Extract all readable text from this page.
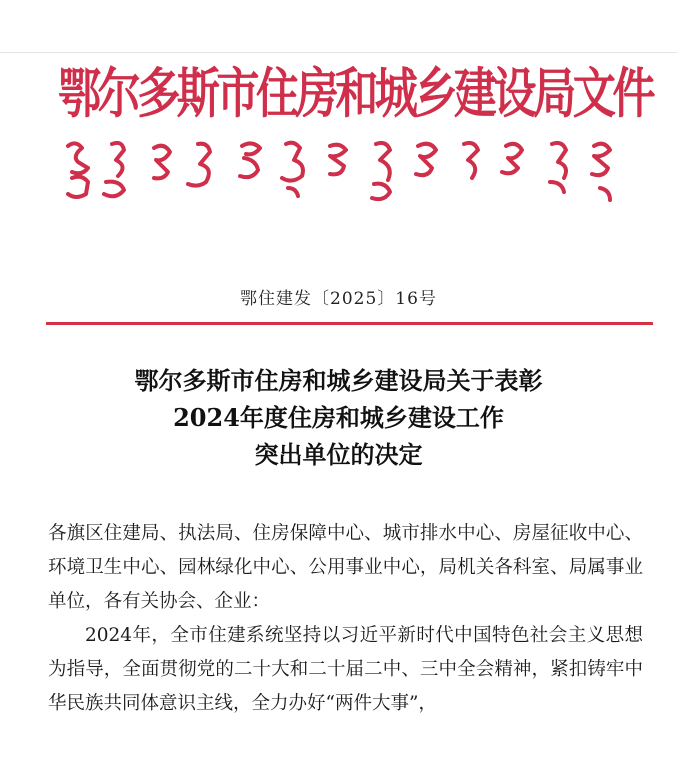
鄂尔多斯市住房和城乡建设局文件
鄂住建发〔2025〕16号
鄂尔多斯市住房和城乡建设局关于表彰
2024年度住房和城乡建设工作
突出单位的决定

各旗区住建局、执法局、住房保障中心、城市排水中心、房屋征收中心、环境卫生中心、园林绿化中心、公用事业中心，局机关各科室、局属事业单位，各有关协会、企业：

2024年，全市住建系统坚持以习近平新时代中国特色社会主义思想为指导，全面贯彻党的二十大和二十届二中、三中全会精神，紧扣铸牢中华民族共同体意识主线，全力办好“两件大事”，
